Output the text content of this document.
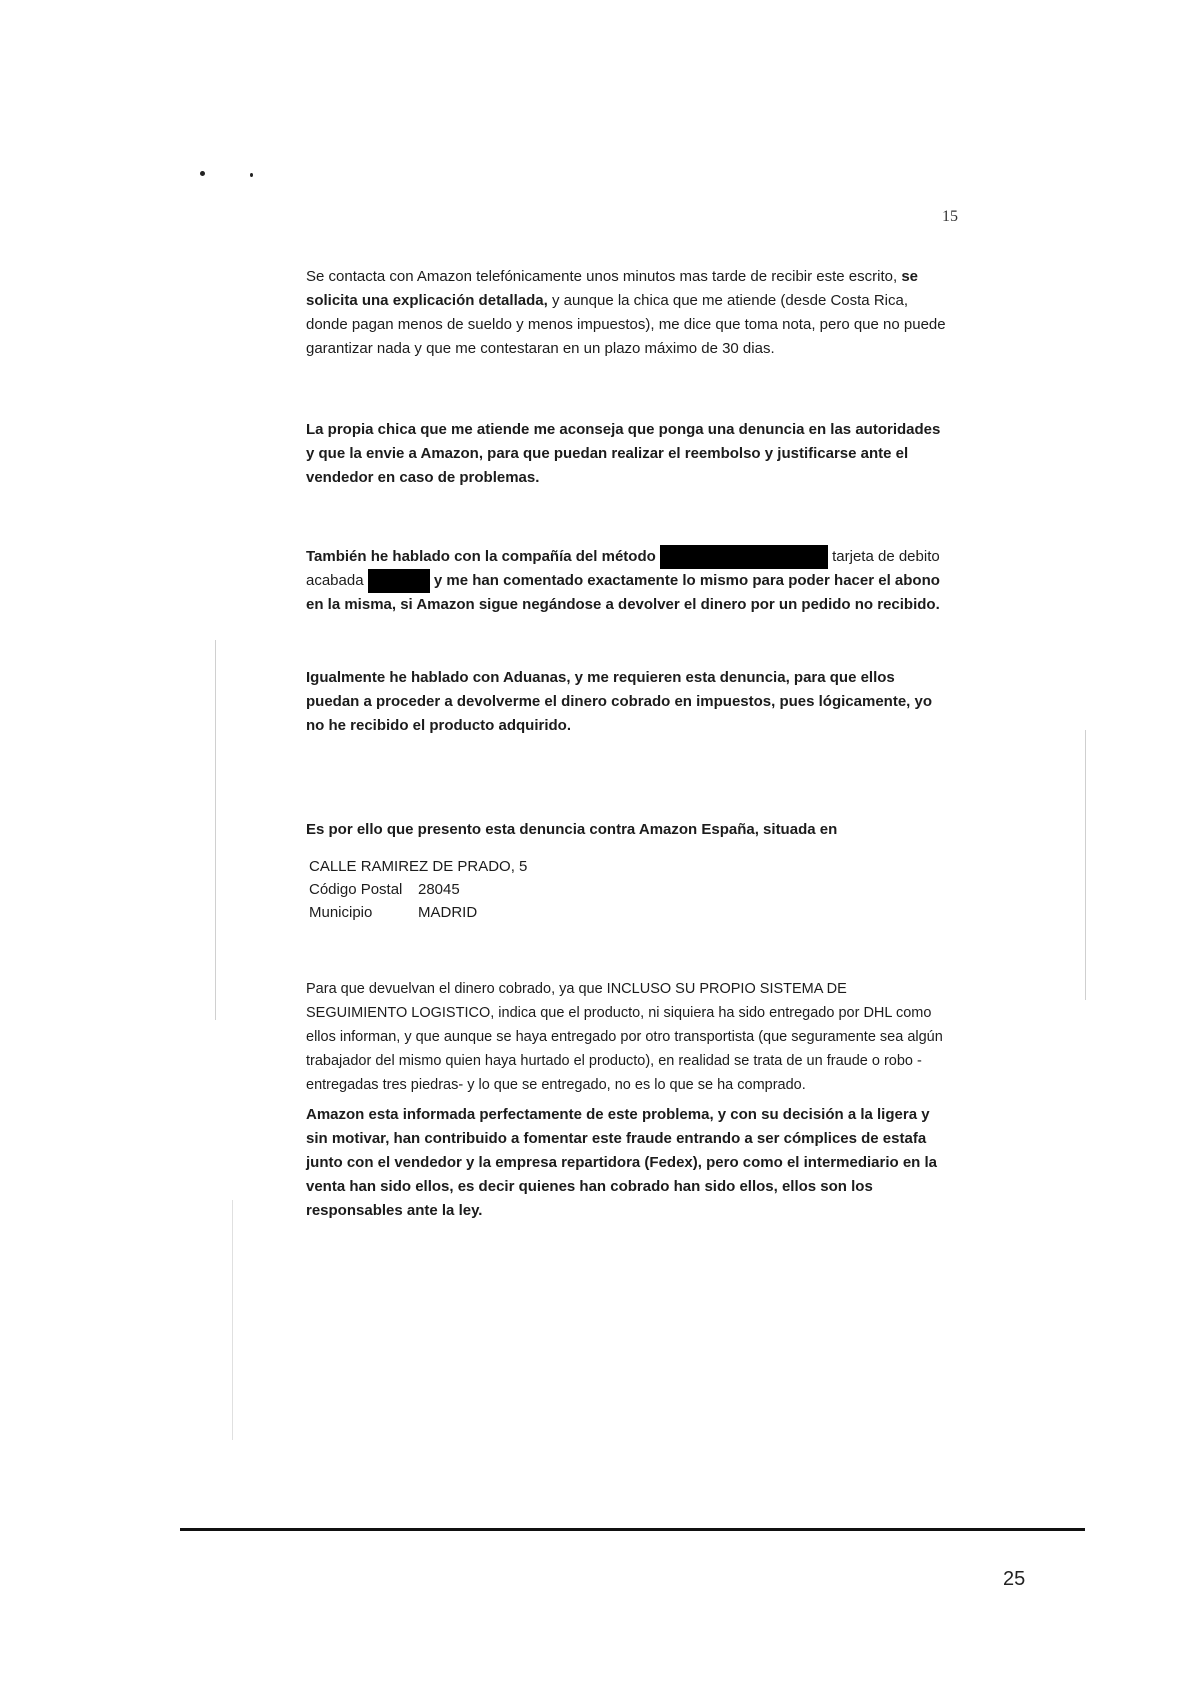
15
Se contacta con Amazon telefónicamente unos minutos mas tarde de recibir este escrito, se solicita una explicación detallada, y aunque la chica que me atiende (desde Costa Rica, donde pagan menos de sueldo y menos impuestos), me dice que toma nota, pero que no puede garantizar nada y que me contestaran en un plazo máximo de 30 dias.
La propia chica que me atiende me aconseja que ponga una denuncia en las autoridades y que la envie a Amazon, para que puedan realizar el reembolso y justificarse ante el vendedor en caso de problemas.
También he hablado con la compañía del método	tarjeta de debito acabada	y me han comentado exactamente lo mismo para poder hacer el abono en la misma, si Amazon sigue negándose a devolver el dinero por un pedido no recibido.
Igualmente he hablado con Aduanas, y me requieren esta denuncia, para que ellos puedan a proceder a devolverme el dinero cobrado en impuestos, pues lógicamente, yo no he recibido el producto adquirido.
Es por ello que presento esta denuncia contra Amazon España, situada en
CALLE RAMIREZ DE PRADO, 5
Código Postal 28045
Municipio	MADRID
Para que devuelvan el dinero cobrado, ya que INCLUSO SU PROPIO SISTEMA DE SEGUIMIENTO LOGISTICO, indica que el producto, ni siquiera ha sido entregado por DHL como ellos informan, y que aunque se haya entregado por otro transportista (que seguramente sea algún trabajador del mismo quien haya hurtado el producto), en realidad se trata de un fraude o robo - entregadas tres piedras- y lo que se entregado, no es lo que se ha comprado.
Amazon esta informada perfectamente de este problema, y con su decisión a la ligera y sin motivar, han contribuido a fomentar este fraude entrando a ser cómplices de estafa junto con el vendedor y la empresa repartidora (Fedex), pero como el intermediario en la venta han sido ellos, es decir quienes han cobrado han sido ellos, ellos son los responsables ante la ley.
25
